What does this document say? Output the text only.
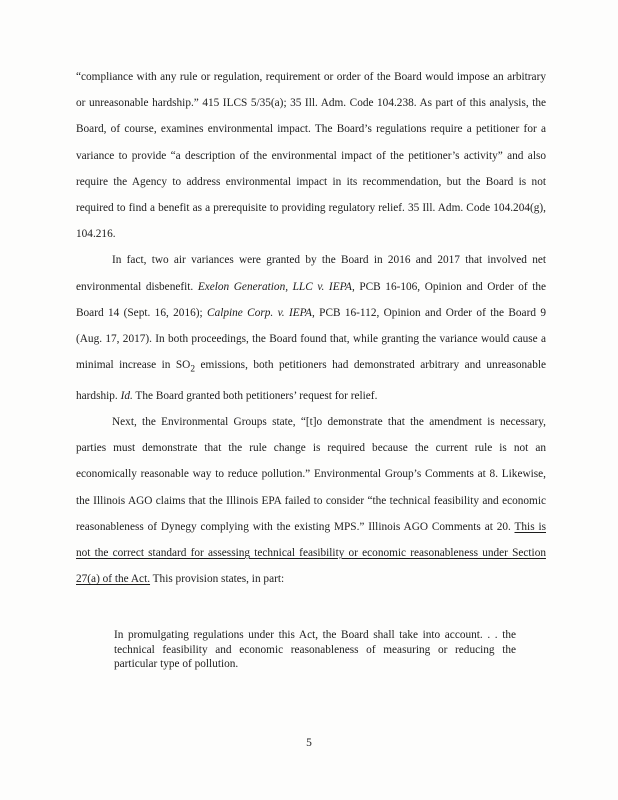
“compliance with any rule or regulation, requirement or order of the Board would impose an arbitrary or unreasonable hardship.” 415 ILCS 5/35(a); 35 Ill. Adm. Code 104.238. As part of this analysis, the Board, of course, examines environmental impact. The Board’s regulations require a petitioner for a variance to provide “a description of the environmental impact of the petitioner’s activity” and also require the Agency to address environmental impact in its recommendation, but the Board is not required to find a benefit as a prerequisite to providing regulatory relief. 35 Ill. Adm. Code 104.204(g), 104.216.

In fact, two air variances were granted by the Board in 2016 and 2017 that involved net environmental disbenefit. Exelon Generation, LLC v. IEPA, PCB 16-106, Opinion and Order of the Board 14 (Sept. 16, 2016); Calpine Corp. v. IEPA, PCB 16-112, Opinion and Order of the Board 9 (Aug. 17, 2017). In both proceedings, the Board found that, while granting the variance would cause a minimal increase in $SO_2$ emissions, both petitioners had demonstrated arbitrary and unreasonable hardship. Id. The Board granted both petitioners’ request for relief.

Next, the Environmental Groups state, “[t]o demonstrate that the amendment is necessary, parties must demonstrate that the rule change is required because the current rule is not an economically reasonable way to reduce pollution.” Environmental Group’s Comments at 8. Likewise, the Illinois AGO claims that the Illinois EPA failed to consider “the technical feasibility and economic reasonableness of Dynegy complying with the existing MPS.” Illinois AGO Comments at 20. This is not the correct standard for assessing technical feasibility or economic reasonableness under Section 27(a) of the Act. This provision states, in part:

In promulgating regulations under this Act, the Board shall take into account. . . the technical feasibility and economic reasonableness of measuring or reducing the particular type of pollution.
5
